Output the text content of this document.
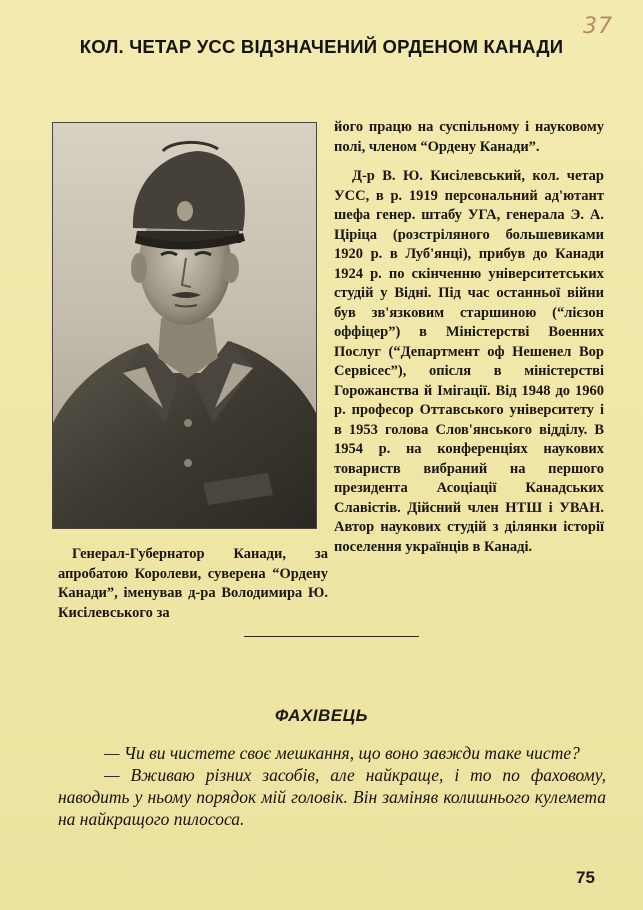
37
КОЛ. ЧЕТАР УСС ВІДЗНАЧЕНИЙ ОРДЕНОМ КАНАДИ

Генерал-Губернатор Канади, за апробатою Королеви, суверена “Ордену Канади”, іменував д-ра Володимира Ю. Кисілевського за

його працю на суспільному і науковому полі, членом “Ордену Канади”.

Д-р В. Ю. Кисілевський, кол. четар УСС, в р. 1919 персональний ад'ютант шефа генер. штабу УГА, генерала Э. А. Ціріца (розстріляного большевиками 1920 р. в Луб'янці), прибув до Канади 1924 р. по скінченню університетських студій у Відні. Під час останньої війни був зв'язковим старшиною (“лієзон оффіцер”) в Міністерстві Военних Послуг (“Департмент оф Нешенел Вор Сервісес”), опісля в міністерстві Горожанства й Імігації. Від 1948 до 1960 р. професор Оттавського університету і в 1953 голова Слов'янського відділу. В 1954 р. на конференціях наукових товариств вибраний на першого президента Асоціації Канадських Славістів. Дійсний член НТШ і УВАН. Автор наукових студій з ділянки історії поселення українців в Канаді.

ФАХІВЕЦЬ

— Чи ви чистете своє мешкання, що воно завжди таке чисте?

— Вживаю різних засобів, але найкраще, і то по фаховому, наводить у ньому порядок мій головік. Він заміняв колишнього кулемета на найкращого пилососа.

75
